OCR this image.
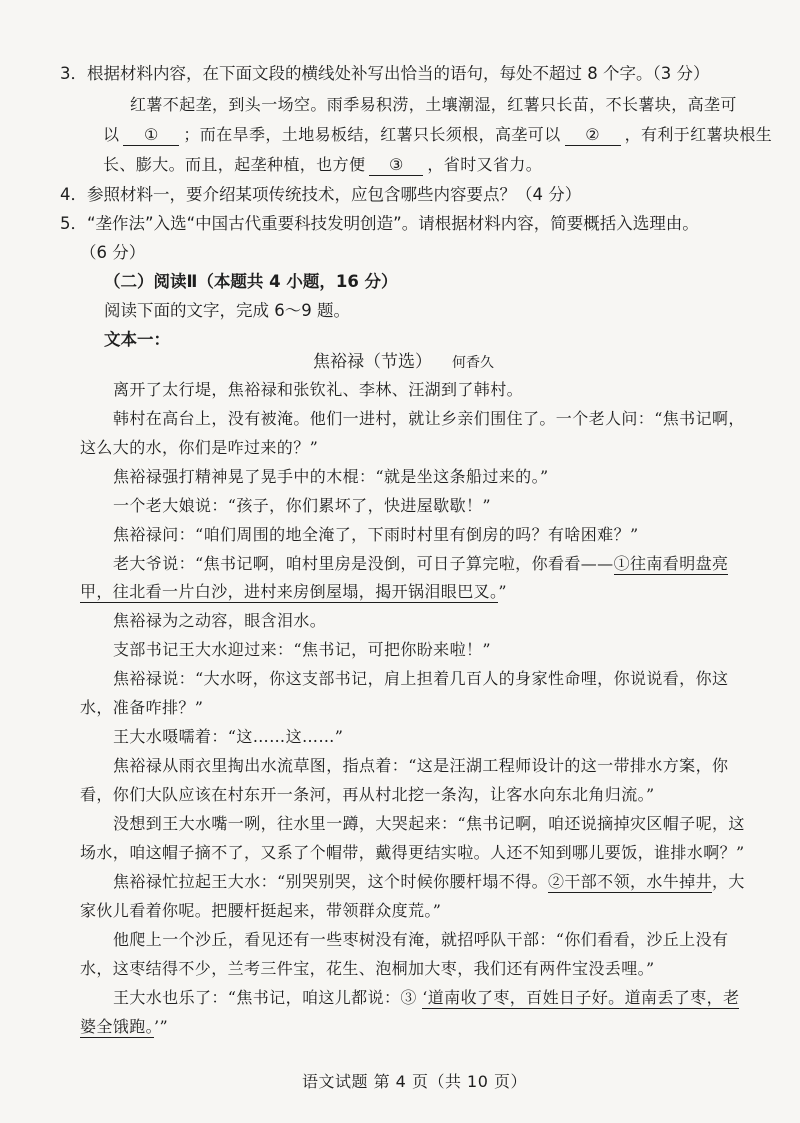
3．根据材料内容，在下面文段的横线处补写出恰当的语句，每处不超过 8 个字。（3 分）
红薯不起垄，到头一场空。雨季易积涝，土壤潮湿，红薯只长苗，不长薯块，高垄可
以 ① ；而在旱季，土地易板结，红薯只长须根，高垄可以 ② ，有利于红薯块根生
长、膨大。而且，起垄种植，也方便 ③ ，省时又省力。
4．参照材料一，要介绍某项传统技术，应包含哪些内容要点？（4 分）
5．“垄作法”入选“中国古代重要科技发明创造”。请根据材料内容，简要概括入选理由。
（6 分）
（二）阅读Ⅱ（本题共 4 小题，16 分）
阅读下面的文字，完成 6～9 题。
文本一：
焦裕禄（节选） 何香久
离开了太行堤，焦裕禄和张钦礼、李林、汪湖到了韩村。
韩村在高台上，没有被淹。他们一进村，就让乡亲们围住了。一个老人问：“焦书记啊，
这么大的水，你们是咋过来的？”
焦裕禄强打精神晃了晃手中的木棍：“就是坐这条船过来的。”
一个老大娘说：“孩子，你们累坏了，快进屋歇歇！”
焦裕禄问：“咱们周围的地全淹了，下雨时村里有倒房的吗？有啥困难？”
老大爷说：“焦书记啊，咱村里房是没倒，可日子算完啦，你看看——①往南看明盘亮
甲，往北看一片白沙，进村来房倒屋塌，揭开锅泪眼巴叉。”
焦裕禄为之动容，眼含泪水。
支部书记王大水迎过来：“焦书记，可把你盼来啦！”
焦裕禄说：“大水呀，你这支部书记，肩上担着几百人的身家性命哩，你说说看，你这
水，准备咋排？”
王大水嗫嚅着：“这……这……”
焦裕禄从雨衣里掏出水流草图，指点着：“这是汪湖工程师设计的这一带排水方案，你
看，你们大队应该在村东开一条河，再从村北挖一条沟，让客水向东北角归流。”
没想到王大水嘴一咧，往水里一蹲，大哭起来：“焦书记啊，咱还说摘掉灾区帽子呢，这
场水，咱这帽子摘不了，又系了个帽带，戴得更结实啦。人还不知到哪儿要饭，谁排水啊？”
焦裕禄忙拉起王大水：“别哭别哭，这个时候你腰杆塌不得。②干部不领，水牛掉井，大
家伙儿看着你呢。把腰杆挺起来，带领群众度荒。”
他爬上一个沙丘，看见还有一些枣树没有淹，就招呼队干部：“你们看看，沙丘上没有
水，这枣结得不少，兰考三件宝，花生、泡桐加大枣，我们还有两件宝没丢哩。”
王大水也乐了：“焦书记，咱这儿都说：③ ‘道南收了枣，百姓日子好。道南丢了枣，老
婆全饿跑。’”
语文试题 第 4 页（共 10 页）
